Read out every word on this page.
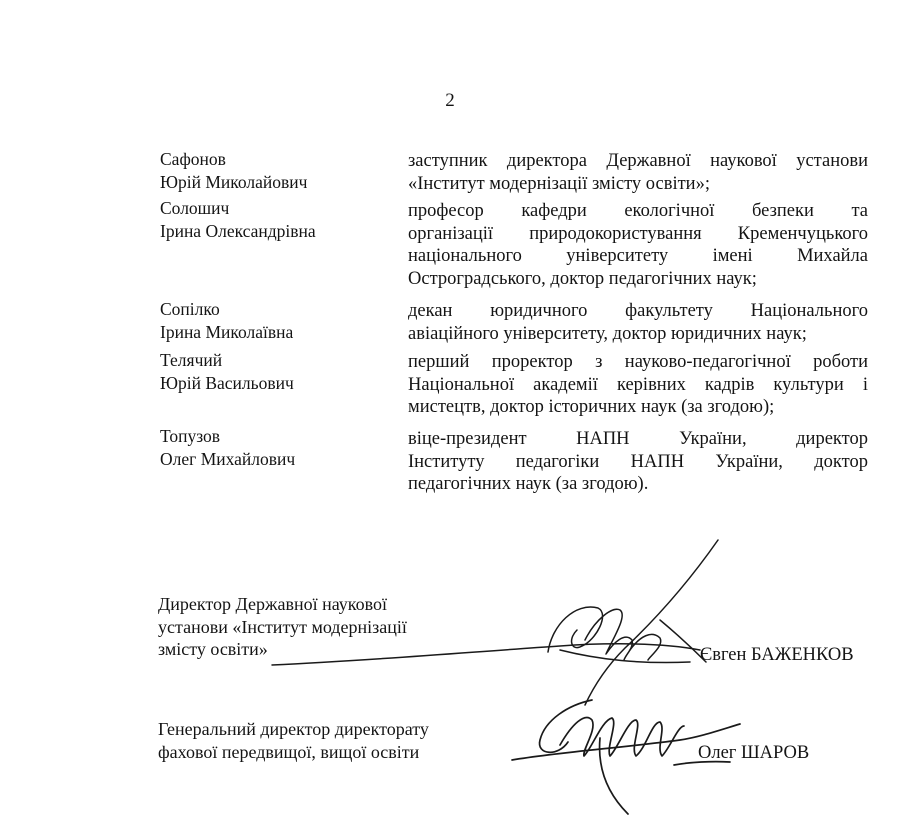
2
Сафонов
Юрій Миколайович
заступник директора Державної наукової установи
«Інститут модернізації змісту освіти»;
Солошич
Ірина Олександрівна
професор кафедри екологічної безпеки та
організації природокористування Кременчуцького
національного університету імені Михайла
Остроградського, доктор педагогічних наук;
Сопілко
Ірина Миколаївна
декан юридичного факультету Національного
авіаційного університету, доктор юридичних наук;
Телячий
Юрій Васильович
перший проректор з науково-педагогічної роботи
Національної академії керівних кадрів культури і
мистецтв, доктор історичних наук (за згодою);
Топузов
Олег Михайлович
віце-президент НАПН України, директор
Інституту педагогіки НАПН України, доктор
педагогічних наук (за згодою).
Директор Державної наукової
установи «Інститут модернізації
змісту освіти»	Євген БАЖЕНКОВ
Генеральний директор директорату
фахової передвищої, вищої освіти	Олег ШАРОВ
